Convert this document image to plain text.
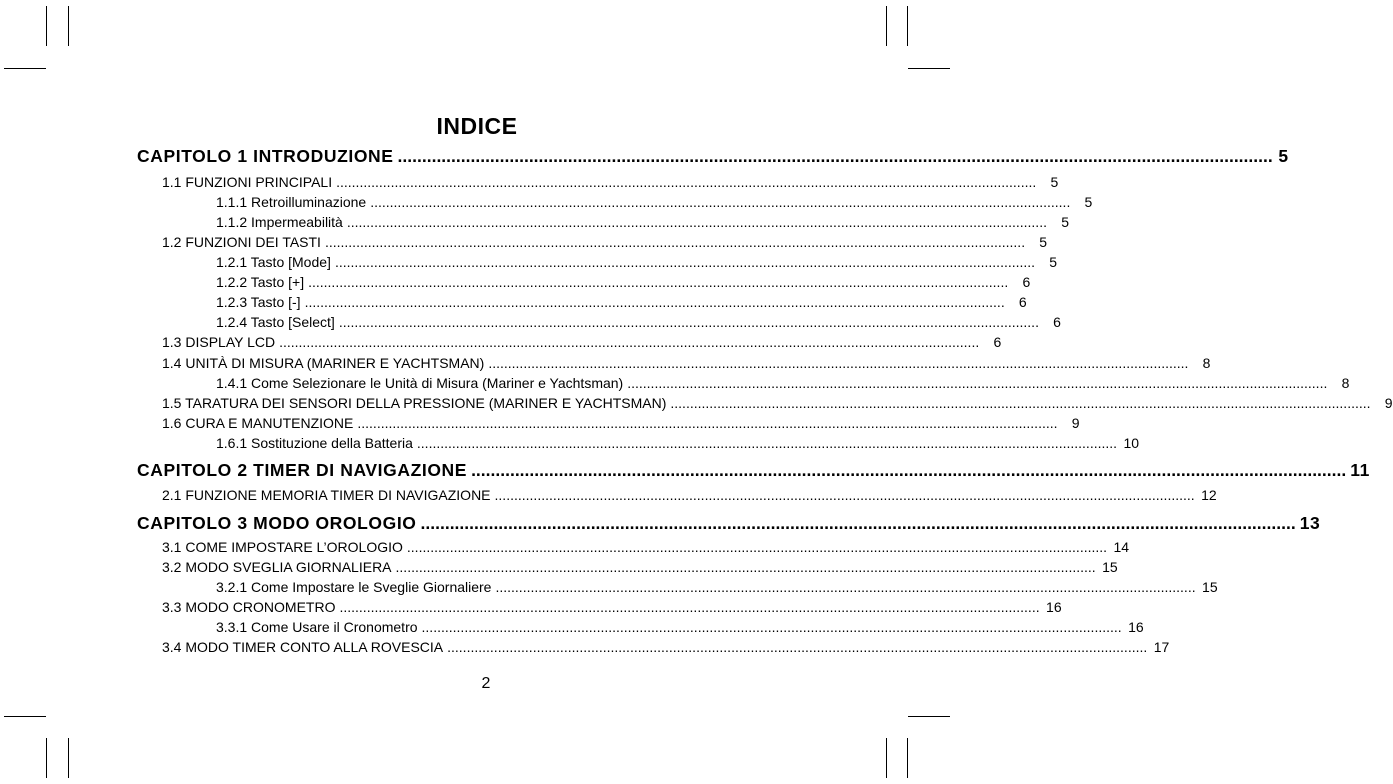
INDICE
CAPITOLO 1 INTRODUZIONE .................................................................................................................................................................................... 5
1.1 FUNZIONI PRINCIPALI ....................................................................................................................................................................................	5
1.1.1 Retroilluminazione ....................................................................................................................................................................................	5
1.1.2 Impermeabilità ....................................................................................................................................................................................	5
1.2 FUNZIONI DEI TASTI ....................................................................................................................................................................................	5
1.2.1 Tasto [Mode] ....................................................................................................................................................................................	5
1.2.2 Tasto [+] ....................................................................................................................................................................................	6
1.2.3 Tasto [-] ....................................................................................................................................................................................	6
1.2.4 Tasto [Select] ....................................................................................................................................................................................	6
1.3 DISPLAY LCD ....................................................................................................................................................................................	6
1.4 UNITÀ DI MISURA (MARINER E YACHTSMAN) ....................................................................................................................................................................................	8
1.4.1 Come Selezionare le Unità di Misura (Mariner e Yachtsman) ....................................................................................................................................................................................	8
1.5 TARATURA DEI SENSORI DELLA PRESSIONE (MARINER E YACHTSMAN) ....................................................................................................................................................................................	9
1.6 CURA E MANUTENZIONE ....................................................................................................................................................................................	9
1.6.1 Sostituzione della Batteria .................................................................................................................................................................................... 10
CAPITOLO 2 TIMER DI NAVIGAZIONE .................................................................................................................................................................................... 11
2.1 FUNZIONE MEMORIA TIMER DI NAVIGAZIONE .................................................................................................................................................................................... 12
CAPITOLO 3 MODO OROLOGIO .................................................................................................................................................................................... 13
3.1 COME IMPOSTARE L’OROLOGIO .................................................................................................................................................................................... 14
3.2 MODO SVEGLIA GIORNALIERA .................................................................................................................................................................................... 15
3.2.1 Come Impostare le Sveglie Giornaliere .................................................................................................................................................................................... 15
3.3 MODO CRONOMETRO .................................................................................................................................................................................... 16
3.3.1 Come Usare il Cronometro .................................................................................................................................................................................... 16
3.4 MODO TIMER CONTO ALLA ROVESCIA .................................................................................................................................................................................... 17
2
